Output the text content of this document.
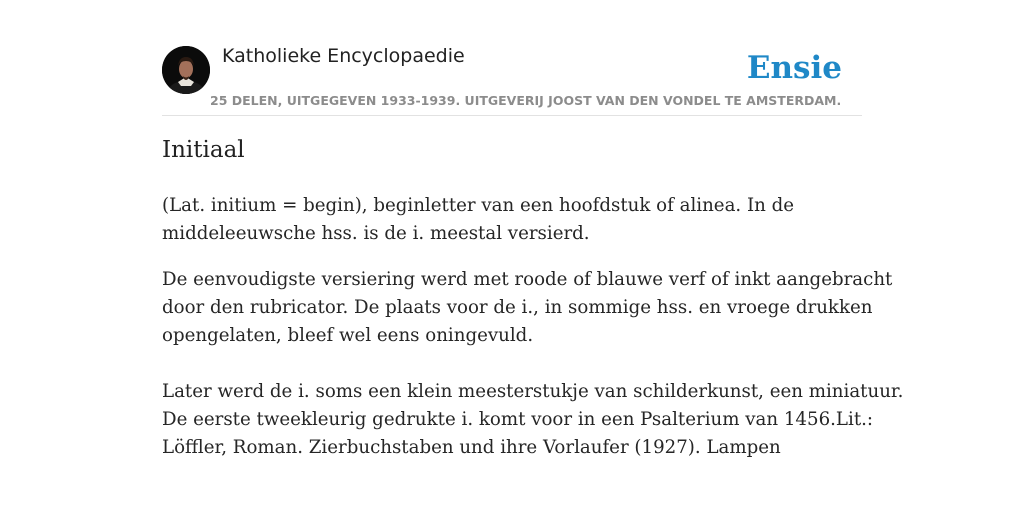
Katholieke Encyclopaedie	Ensie
25 DELEN, UITGEGEVEN 1933-1939. UITGEVERIJ JOOST VAN DEN VONDEL TE AMSTERDAM.
Initiaal

(Lat. initium = begin), beginletter van een hoofdstuk of alinea. In de

middeleeuwsche hss. is de i. meestal versierd.

De eenvoudigste versiering werd met roode of blauwe verf of inkt aangebracht

door den rubricator. De plaats voor de i., in sommige hss. en vroege drukken

opengelaten, bleef wel eens oningevuld.

Later werd de i. soms een klein meesterstukje van schilderkunst, een miniatuur.

De eerste tweekleurig gedrukte i. komt voor in een Psalterium van 1456.Lit.:

Löffler, Roman. Zierbuchstaben und ihre Vorlaufer (1927). Lampen
